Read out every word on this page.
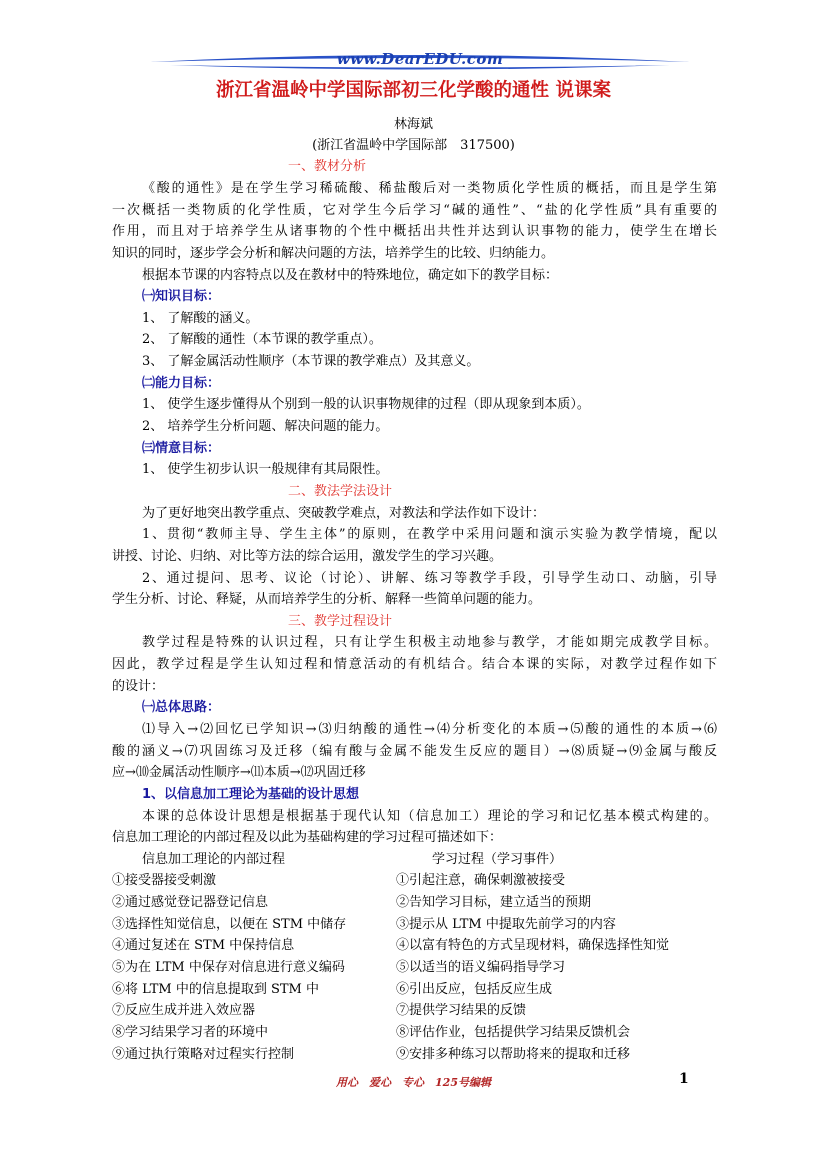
www.DearEDU.com
浙江省温岭中学国际部初三化学酸的通性 说课案
林海斌
(浙江省温岭中学国际部　317500)
一、教材分析
《酸的通性》是在学生学习稀硫酸、稀盐酸后对一类物质化学性质的概括，而且是学生第
一次概括一类物质的化学性质，它对学生今后学习“碱的通性”、“盐的化学性质”具有重要的
作用，而且对于培养学生从诸事物的个性中概括出共性并达到认识事物的能力，使学生在增长
知识的同时，逐步学会分析和解决问题的方法，培养学生的比较、归纳能力。
根据本节课的内容特点以及在教材中的特殊地位，确定如下的教学目标：
㈠知识目标：
1、 了解酸的涵义。
2、 了解酸的通性（本节课的教学重点）。
3、 了解金属活动性顺序（本节课的教学难点）及其意义。
㈡能力目标：
1、 使学生逐步懂得从个别到一般的认识事物规律的过程（即从现象到本质）。
2、 培养学生分析问题、解决问题的能力。
㈢情意目标：
1、 使学生初步认识一般规律有其局限性。
二、教法学法设计
为了更好地突出教学重点、突破教学难点，对教法和学法作如下设计：
1、贯彻“教师主导、学生主体”的原则，在教学中采用问题和演示实验为教学情境，配以
讲授、讨论、归纳、对比等方法的综合运用，激发学生的学习兴趣。
2、通过提问、思考、议论（讨论）、讲解、练习等教学手段，引导学生动口、动脑，引导
学生分析、讨论、释疑，从而培养学生的分析、解释一些简单问题的能力。
三、教学过程设计
教学过程是特殊的认识过程，只有让学生积极主动地参与教学，才能如期完成教学目标。
因此，教学过程是学生认知过程和情意活动的有机结合。结合本课的实际，对教学过程作如下
的设计：
㈠总体思路：
⑴导入→⑵回忆已学知识→⑶归纳酸的通性→⑷分析变化的本质→⑸酸的通性的本质→⑹
酸的涵义→⑺巩固练习及迁移（编有酸与金属不能发生反应的题目）→⑻质疑→⑼金属与酸反
应→⑽金属活动性顺序→⑾本质→⑿巩固迁移
1、以信息加工理论为基础的设计思想
本课的总体设计思想是根据基于现代认知（信息加工）理论的学习和记忆基本模式构建的。
信息加工理论的内部过程及以此为基础构建的学习过程可描述如下：
信息加工理论的内部过程	学习过程（学习事件）
①接受器接受刺激	①引起注意，确保刺激被接受
②通过感觉登记器登记信息	②告知学习目标，建立适当的预期
③选择性知觉信息，以便在 STM 中储存	③提示从 LTM 中提取先前学习的内容
④通过复述在 STM 中保持信息	④以富有特色的方式呈现材料，确保选择性知觉
⑤为在 LTM 中保存对信息进行意义编码	⑤以适当的语义编码指导学习
⑥将 LTM 中的信息提取到 STM 中	⑥引出反应，包括反应生成
⑦反应生成并进入效应器	⑦提供学习结果的反馈
⑧学习结果学习者的环境中	⑧评估作业，包括提供学习结果反馈机会
⑨通过执行策略对过程实行控制	⑨安排多种练习以帮助将来的提取和迁移
用心　爱心　专心　125号编辑	1
